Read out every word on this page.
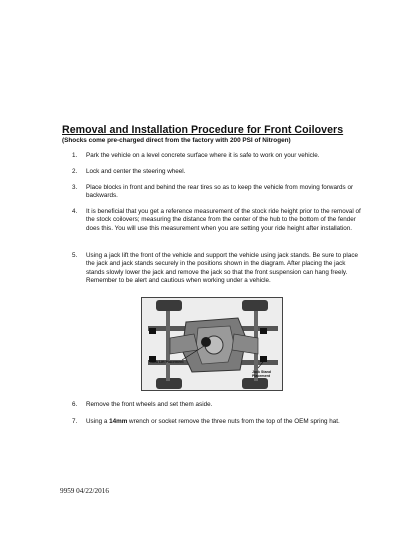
Removal and Installation Procedure for Front Coilovers
(Shocks come pre-charged direct from the factory with 200 PSI of Nitrogen)
1. Park the vehicle on a level concrete surface where it is safe to work on your vehicle.
2. Lock and center the steering wheel.
3. Place blocks in front and behind the rear tires so as to keep the vehicle from moving forwards or backwards.
4. It is beneficial that you get a reference measurement of the stock ride height prior to the removal of the stock coilovers; measuring the distance from the center of the hub to the bottom of the fender does this. You will use this measurement when you are setting your ride height after installation.
5. Using a jack lift the front of the vehicle and support the vehicle using jack stands. Be sure to place the jack and jack stands securely in the positions shown in the diagram. After placing the jack stands slowly lower the jack and remove the jack so that the front suspension can hang freely. Remember to be alert and cautious when working under a vehicle.
Jack Lift Placement
Jack Stand
Placement
6. Remove the front wheels and set them aside.
7. Using a 14mm wrench or socket remove the three nuts from the top of the OEM spring hat.
9959 04/22/2016
